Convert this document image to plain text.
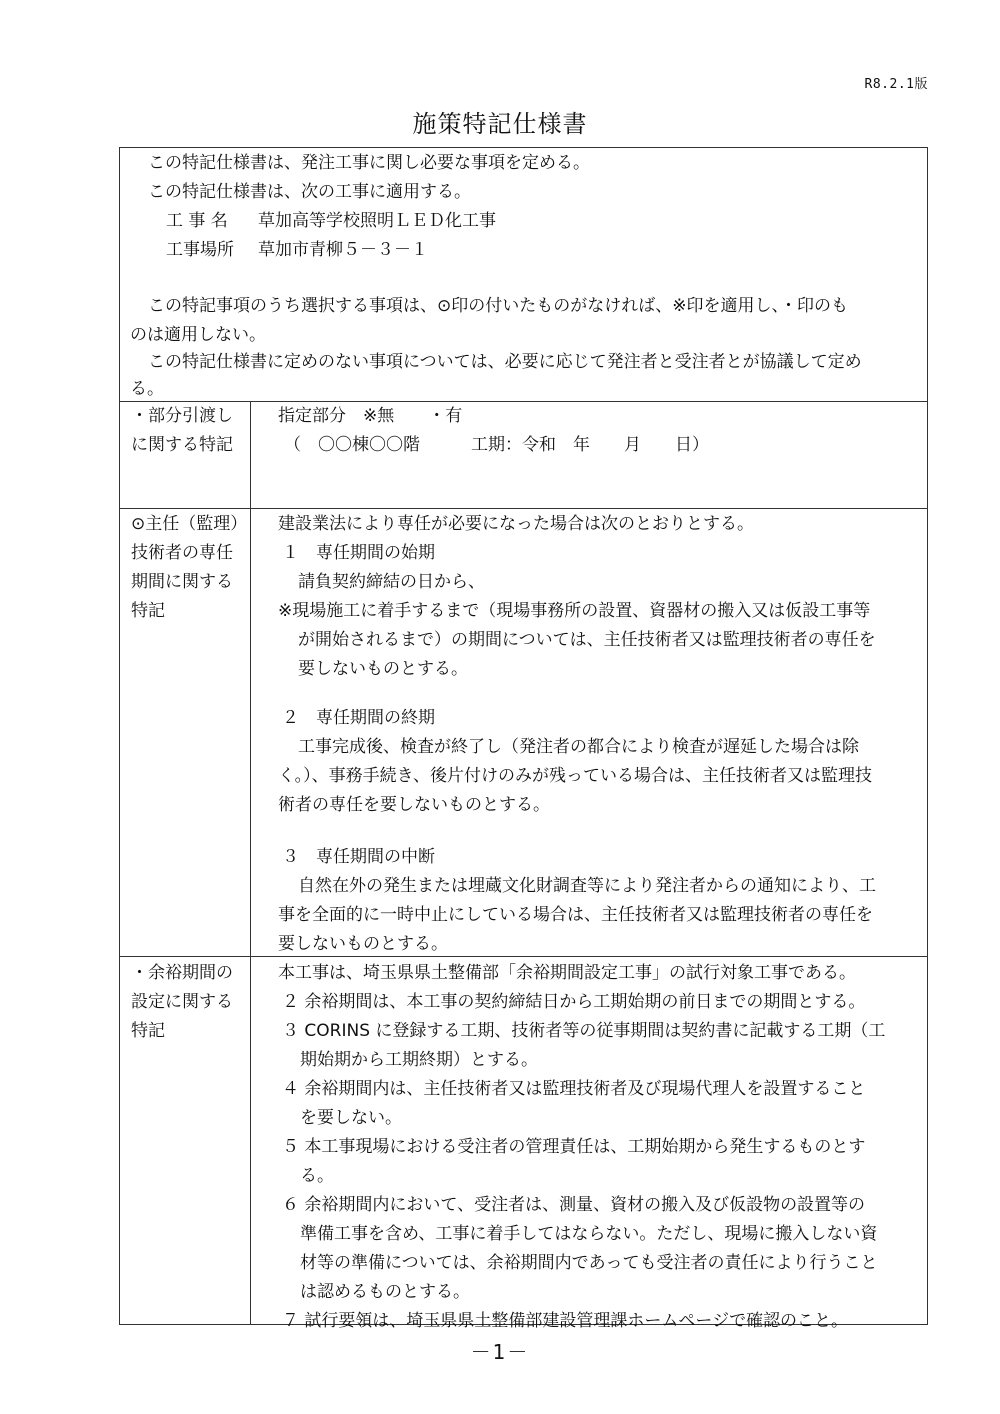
R8.2.1版
施策特記仕様書
この特記仕様書は、発注工事に関し必要な事項を定める。
この特記仕様書は、次の工事に適用する。
工 事 名 草加高等学校照明ＬＥＤ化工事
工事場所 草加市青柳５－３－１
この特記事項のうち選択する事項は、⊙印の付いたものがなければ、※印を適用し、・印のも
のは適用しない。
この特記仕様書に定めのない事項については、必要に応じて発注者と受注者とが協議して定め
る。
・部分引渡し
に関する特記
指定部分　※無　　・有
（　〇〇棟〇〇階　　　工期：令和　年　　月　　日）
⊙主任（監理）
技術者の専任
期間に関する
特記
建設業法により専任が必要になった場合は次のとおりとする。
１　専任期間の始期
請負契約締結の日から、
※現場施工に着手するまで（現場事務所の設置、資器材の搬入又は仮設工事等
が開始されるまで）の期間については、主任技術者又は監理技術者の専任を
要しないものとする。
２　専任期間の終期
工事完成後、検査が終了し（発注者の都合により検査が遅延した場合は除
く。）、事務手続き、後片付けのみが残っている場合は、主任技術者又は監理技
術者の専任を要しないものとする。
３　専任期間の中断
自然在外の発生または埋蔵文化財調査等により発注者からの通知により、工
事を全面的に一時中止にしている場合は、主任技術者又は監理技術者の専任を
要しないものとする。
・余裕期間の
設定に関する
特記
本工事は、埼玉県県土整備部「余裕期間設定工事」の試行対象工事である。
２ 余裕期間は、本工事の契約締結日から工期始期の前日までの期間とする。
３ CORINS に登録する工期、技術者等の従事期間は契約書に記載する工期（工
期始期から工期終期）とする。
４ 余裕期間内は、主任技術者又は監理技術者及び現場代理人を設置すること
を要しない。
５ 本工事現場における受注者の管理責任は、工期始期から発生するものとす
る。
６ 余裕期間内において、受注者は、測量、資材の搬入及び仮設物の設置等の
準備工事を含め、工事に着手してはならない。ただし、現場に搬入しない資
材等の準備については、余裕期間内であっても受注者の責任により行うこと
は認めるものとする。
７ 試行要領は、埼玉県県土整備部建設管理課ホームページで確認のこと。
－1－
